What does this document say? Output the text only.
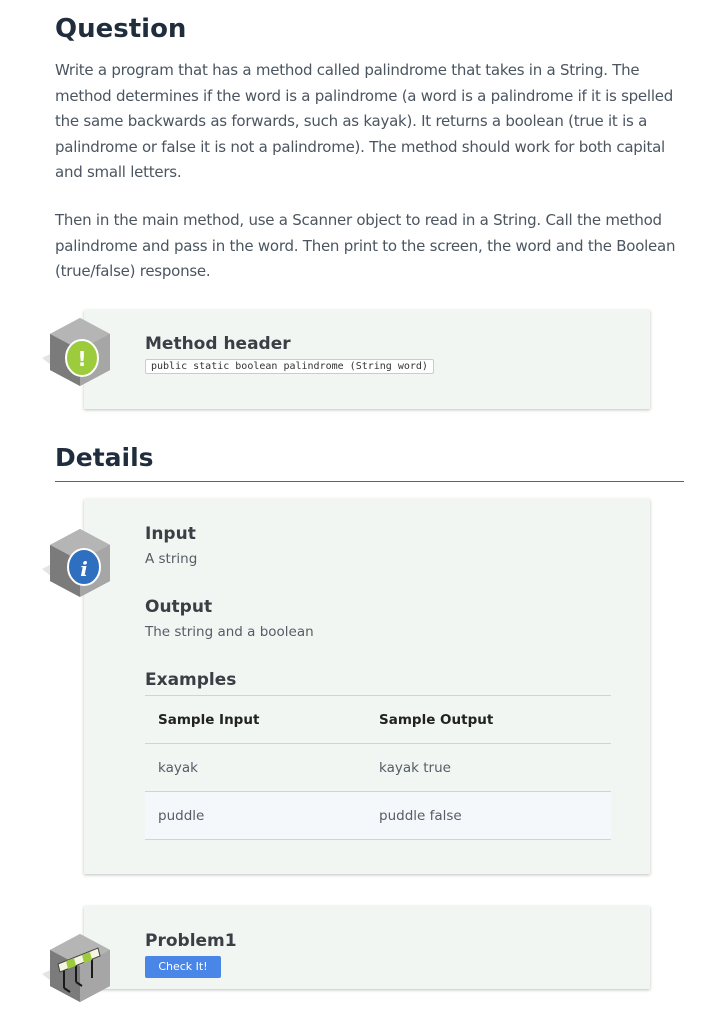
Question

Write a program that has a method called palindrome that takes in a String. The method determines if the word is a palindrome (a word is a palindrome if it is spelled the same backwards as forwards, such as kayak). It returns a boolean (true it is a palindrome or false it is not a palindrome). The method should work for both capital and small letters.

Then in the main method, use a Scanner object to read in a String. Call the method palindrome and pass in the word. Then print to the screen, the word and the Boolean (true/false) response.

!
Method header
public static boolean palindrome (String word)
Details
i
Input
A string
Output
The string and a boolean
Examples
Sample Input	Sample Output
kayak	kayak true
puddle	puddle false
Problem1
Check It!
